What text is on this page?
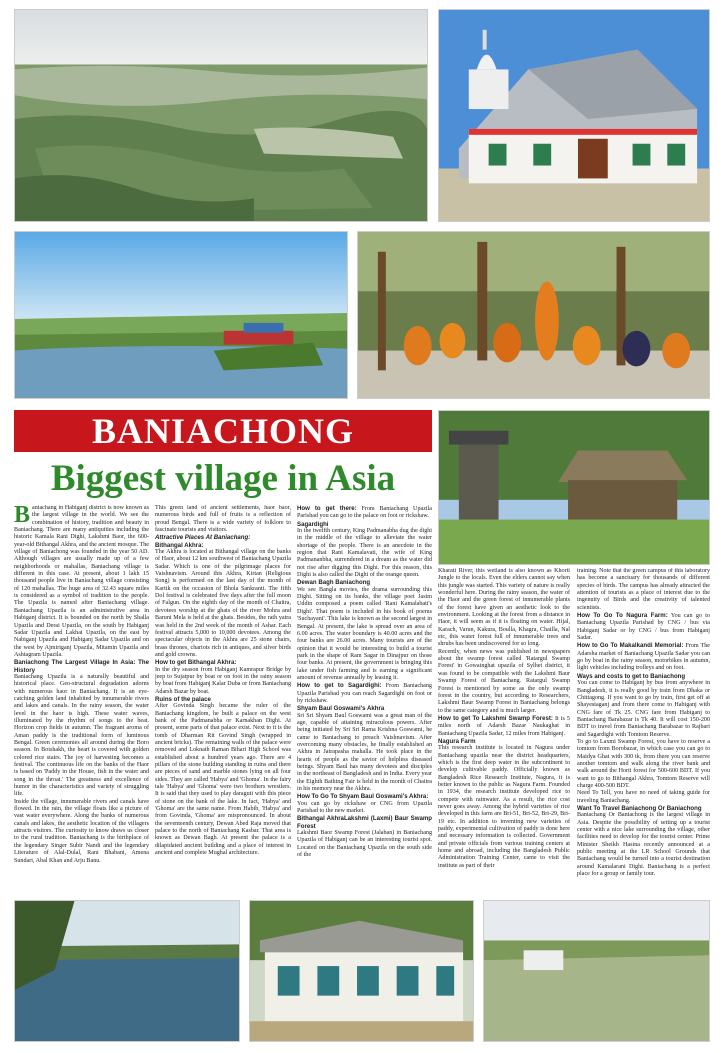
BANIACHONG
Biggest village in Asia

Baniachang in Habiganj district is now known as the largest village in the world. We see the combination of history, tradition and beauty in Baniachang. There are many antiquities including the historic Kamala Rani Dighi, Lakshmi Baor, the 600-year-old Bithangal Akhra, and the ancient mosque. The village of Baniachong was founded in the year 50 AD. Although villages are usually made up of a few neighborhoods or mahallas, Baniachang village is different in this case. At present, about 1 lakh 15 thousand people live in Baniachang village consisting of 120 mahallas. The huge area of 32.43 square miles is considered as a symbol of tradition to the people. The Upazila is named after Baniachang village. Baniachang Upazila is an administrative area in Habiganj district. It is bounded on the north by Shalla Upazila and Derai Upazila, on the south by Habiganj Sadar Upazila and Lakhai Upazila, on the east by Nabiganj Upazila and Habiganj Sadar Upazila and on the west by Ajmiriganj Upazila, Mitamin Upazila and Ashtagram Upazila.

Baniachong The Largest Village In Asia: The History

Baniachang Upazila is a naturally beautiful and historical place. Geo-structural degradation adorns with numerous haor in Baniachang. It is an eye-catching golden land inhabited by innumerable rivers and lakes and canals. In the rainy season, the water level in the haor is high. These water waves, illuminated by the rhythm of songs to the beat. Horizon crop fields in autumn. The fragrant aroma of Aman paddy is the traditional form of luminous Bengal. Green ceremonies all around during the Boro season. In Boishakh, the heart is covered with golden colored rice stairs. The joy of harvesting becomes a festival. The continuous life on the banks of the Haor is based on 'Paddy in the House, fish in the water and song in the throat.' The greatness and excellence of humor in the characteristics and variety of struggling life.

Inside the village, innumerable rivers and canals have flowed. In the rain, the village floats like a picture of vast water everywhere. Along the banks of numerous canals and lakes, the aesthetic location of the villagers attracts visitors. The curiosity to know draws us closer to the rural tradition. Baniachang is the birthplace of the legendary Singer Subir Nandi and the legendary Literature of Alal-Dulal, Rani Bhabani, Amena Sundari, Abal Khan and Arju Banu.

This green land of ancient settlements, haor baor, numerous birds and full of fruits is a reflection of proud Bengal. There is a wide variety of folklore to fascinate tourists and visitors.

Attractive Places At Baniachang:

Bithangal Akhra:

The Akhra is located at Bithangal village on the banks of Haor, about 12 km southwest of Baniachang Upazila Sadar. Which is one of the pilgrimage places for Vaishnavism. Around this Akhra, Kirtan (Religious Song) is performed on the last day of the month of Kartik on the occasion of Bhola Sankranti. The fifth Dol festival is celebrated five days after the full moon of Falgun. On the eighth day of the month of Chaitra, devotees worship at the ghats of the river Mohra and Baruni Mela is held at the ghats. Besides, the rath yatra was held in the 2nd week of the month of Ashar. Each festival attracts 5,000 to 10,000 devotees. Among the spectacular objects in the Akhra are 25 stone chairs, brass thrones, chariots rich in antiques, and silver birds and gold crowns.

How to get Bithangal Akhra:

In the dry season from Habiganj Kamrapur Bridge by jeep to Sujatpur by boat or on foot in the rainy season by boat from Habiganj Kalar Duba or from Baniachang Adarsh Bazar by boat.

Ruins of the palace

After Govinda Singh became the ruler of the Baniachang kingdom, he built a palace on the west bank of the Padmanabha or Karnakhan Dighi. At present, some parts of that palace exist. Next to it is the tomb of Dharman Rit Govind Singh (wrapped in ancient bricks). The remaining walls of the palace were removed and Loknath Raman Bihari High School was established about a hundred years ago. There are 4 pillars of the stone building standing in ruins and there are pieces of sand and marble stones lying on all four sides. They are called 'Habya' and 'Ghoma'. In the fairy tale 'Habya' and 'Ghoma' were two brothers wrestlers. It is said that they used to play daraguti with this piece of stone on the bank of the lake. In fact, 'Habya' and 'Ghoma' are the same name. From Habib, 'Habya' and from Govinda, 'Ghoma' are mispronounced. In about the seventeenth century, Dewan Abed Raja moved that palace to the north of Baniachang Kasbar. That area is known as Dewan Bagh. At present the palace is a dilapidated ancient building and a place of interest in ancient and complete Mughal architecture.

How to get there: From Baniachang Upazila Parishad you can go to the palace on foot or rickshaw.

Sagardighi

In the twelfth century, King Padmanabha dug the dighi in the middle of the village to alleviate the water shortage of the people. There is an anecdote in the region that Rani Kamalavati, the wife of King Padmananbha, surrendered in a dream as the water did not rise after digging this Dighi. For this reason, this Dighi is also called the Dighi of the orange queen.

Dewan Bagh Baniachong

We see Bangla movies, the drama surrounding this Dighi. Sitting on its banks, the village poet Jasim Uddin composed a poem called 'Rani Kamalabati's Dighi'. That poem is included in his book of poems 'Suchayani'. This lake is known as the second largest in Bengal. At present, the lake is spread over an area of 6.00 acres. The water boundary is 40.00 acres and the four banks are 26.00 acres. Many tourists are of the opinion that it would be interesting to build a tourist park in the shape of Ram Sagar in Dinajpur on those four banks. At present, the government is bringing this lake under fish farming and is earning a significant amount of revenue annually by leasing it.

How to get to Sagardighi: From Baniachang Upazila Parishad you can reach Sagardighi on foot or by rickshaw.

Shyam Baul Goswami's Akhra

Sri Sri Shyam Baul Goswami was a great man of the age, capable of attaining miraculous powers. After being initiated by Sri Sri Rama Krishna Goswami, he came to Baniachang to preach Vaishnavism. After overcoming many obstacles, he finally established an Akhra in Jatrapasha mahalla. He took place in the hearts of people as the savior of helpless diseased beings. Shyam Baul has many devotees and disciples in the northeast of Bangladesh and in India. Every year the Eighth Bathing Fair is held in the month of Chaitra in his memory near the Akhra.

How To Go To Shyam Baul Goswami's Akhra:

You can go by rickshaw or CNG from Upazila Parishad to the new market.

Bithangal AkhraLakshmi (Laxmi) Baur Swamp Forest

Lakshmi Baor Swamp Forest (Jalaban) in Baniachang Upazila of Habiganj can be an interesting tourist spot. Located on the Baniachang Upazila on the south side of the

Kharati River, this wetland is also known as Khorti Jungle to the locals. Even the elders cannot say when this jungle was started. This variety of nature is really wonderful here. During the rainy season, the water of the Haor and the green forest of innumerable plants of the forest have given an aesthetic look to the environment. Looking at the forest from a distance in Haor, it will seem as if it is floating on water. Hijal, Karach, Varun, Kakura, Boulla, Khagra, Chailla, Nal etc, this water forest full of innumerable trees and shrubs has been undiscovered for so long.

Recently, when news was published in newspapers about the swamp forest called 'Ratargul Swamp Forest' in Gowainghat upazila of Sylhet district, it was found to be compatible with the Lakshmi Baur Swamp Forest of Baniachang. Ratargul Swamp Forest is mentioned by some as the only swamp forest in the country, but according to Researchers, Lakshmi Baur Swamp Forest in Baniachang belongs to the same category and is much larger.

How to get To Lakshmi Swamp Forest: It is 5 miles north of Adarsh Bazar Naukaghat in Baniachang Upazila Sadar, 12 miles from Habiganj.

Nagura Farm

This research institute is located in Nagura under Baniachang upazila near the district headquarters, which is the first deep water in the subcontinent to develop cultivable paddy. Officially known as Bangladesh Rice Research Institute, Nagura, it is better known to the public as Nagura Farm. Founded in 1934, the research institute developed rice to compete with rainwater. As a result, the rice cost never goes away. Among the hybrid varieties of rice developed in this farm are Bri-51, Bri-52, Bri-29, Bri-19 etc. In addition to inventing new varieties of paddy, experimental cultivation of paddy is done here and necessary information is collected. Government and private officials from various training centers at home and abroad, including the Bangladesh Public Administration Training Center, came to visit the institute as part of their

training. Note that the green campus of this laboratory has become a sanctuary for thousands of different species of birds. The campus has already attracted the attention of tourists as a place of interest due to the ingenuity of Birds and the creativity of talented scientists.

How To Go To Nagura Farm: You can go to Baniachang Upazila Parishad by CNG / bus via Habiganj Sadar or by CNG / bus from Habiganj Sadar.

How to Go To Makalkandi Memorial: From The Adarsha market of Baniachang Upazila Sadar you can go by boat in the rainy season, motorbikes in autumn, light vehicles including trolleys and on foot.

Ways and costs to get to Baniachong

You can come to Habiganj by bus from anywhere in Bangladesh, it is really good by train from Dhaka or Chittagong. If you want to go by train, first get off at Shayestaganj and from there come to Habiganj with CNG fare of Tk 25. CNG fare from Habiganj to Baniachang Barabazar is Tk 40. It will cost 150-200 BDT to travel from Baniachang Barabazar to Rajbari and Sagardighi with Tomtom Reserve.

To go to Laxmi Swamp Forest, you have to reserve a tomtom from Borobazar, in which case you can go to Maidya Ghat with 300 tk, from there you can reserve another tomtom and walk along the river bank and walk around the Horti forest for 500-600 BDT. If you want to go to Bithangal Akhra, Tomtom Reserve will charge 400-500 BDT.

Need To Tell, you have no need of taking guide for traveling Baniachang.

Want To Travel Baniachong Or Baniachong

Baniachang Or Baniachong is the largest village in Asia. Despite the possibility of setting up a tourist center with a nice lake surrounding the village, other facilities need to develop for the tourist center. Prime Minister Sheikh Hasina recently announced at a public meeting at the LR School Grounds that Baniachang would be turned into a tourist destination around Kamalarani Dighi. Baniachang is a perfect place for a group or family tour.
